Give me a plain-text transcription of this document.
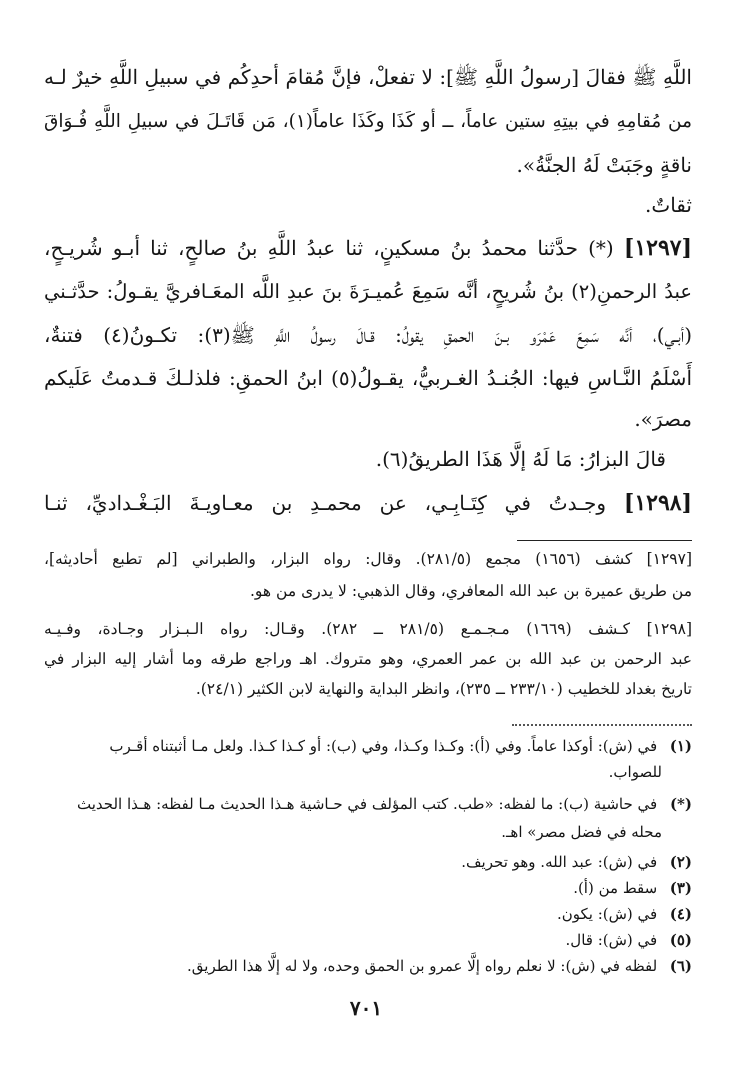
اللَّهِ ﷺ فقالَ [رسولُ اللَّهِ ﷺ]: لا تفعلْ، فإنَّ مُقامَ أحدِكُم في سبيلِ اللَّهِ خيرٌ لـه
من مُقامِهِ في بيتِهِ ستين عاماً، ــ أو كَذَا وكَذَا عاماً(١)، مَن قَاتَـلَ في سبيلِ اللَّهِ فُـوَاقَ
ناقةٍ وجَبَتْ لَهُ الجنَّةُ».
ثقاتٌ.
[١٢٩٧] (*) حدَّثنا محمدُ بنُ مسكينٍ، ثنا عبدُ اللَّهِ بنُ صالحٍ، ثنا أبـو شُريـحٍ،
عبدُ الرحمنِ(٢) بنُ شُريحٍ، أنَّه سَمِعَ عُميـرَةَ بنَ عبدِ اللَّه المعَـافريَّ يقـولُ: حدَّثـني
(أبـي)، أنَّه سَمِعَ عَمْرَو بـنَ الحمقِ يقولُ: قـالَ رسولُ اللَّهِ ﷺ(٣): تكـونُ(٤) فتنةٌ،
أَسْلَمُ النَّـاسِ فيها: الجُنـدُ الغـربيُّ، يقـولُ(٥) ابنُ الحمقِ: فلذلـكَ قـدمتُ عَلَيكم
مصرَ».
قالَ البزارُ: مَا لَهُ إلَّا هَذَا الطريقُ(٦).
[١٢٩٨] وجـدتُ في كِتَـابِـي، عن محمـدِ بن معـاويـةَ البَـغْـداديِّ، ثنـا
[١٢٩٧] كشف (١٦٥٦) مجمع (٢٨١/٥). وقال: رواه البزار، والطبراني [لم تطبع أحاديثه]،
من طريق عميرة بن عبد الله المعافري، وقال الذهبي: لا يدرى من هو.
[١٢٩٨] كـشف (١٦٦٩) مـجـمـع (٢٨١/٥ ــ ٢٨٢). وقـال: رواه الـبـزار وجـادة، وفـيـه
عبد الرحمن بن عبد الله بن عمر العمري، وهو متروك. اهـ وراجع طرقه وما أشار إليه البزار في
تاريخ بغداد للخطيب (٢٣٣/١٠ ــ ٢٣٥)، وانظر البداية والنهاية لابن الكثير (٢٤/١).
(١) في (ش): أوكذا عاماً. وفي (أ): وكـذا وكـذا، وفي (ب): أو كـذا كـذا. ولعل مـا أثبتناه أقـرب
للصواب.
(*) في حاشية (ب): ما لفظه: «طب. كتب المؤلف في حـاشية هـذا الحديث مـا لفظه: هـذا الحديث
محله في فضل مصر» اهـ.
(٢) في (ش): عبد الله. وهو تحريف.
(٣) سقط من (أ).
(٤) في (ش): يكون.
(٥) في (ش): قال.
(٦) لفظه في (ش): لا نعلم رواه إلَّا عمرو بن الحمق وحده، ولا له إلَّا هذا الطريق.
٧٠١
